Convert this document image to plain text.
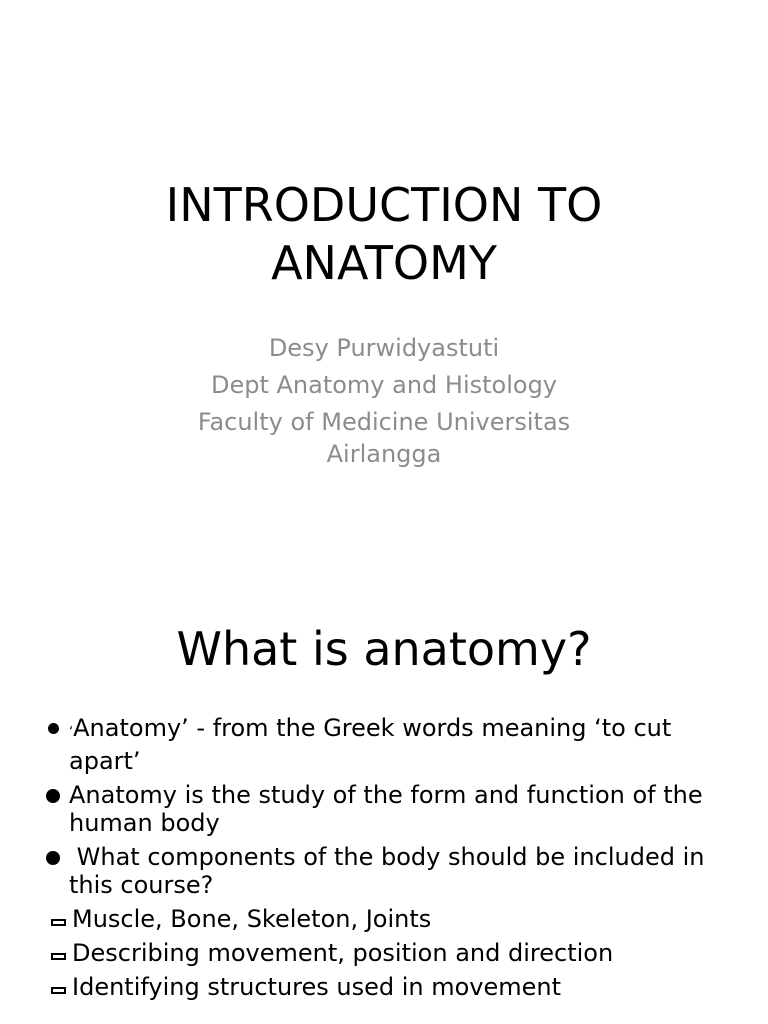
INTRODUCTION TO
ANATOMY
Desy Purwidyastuti
Dept Anatomy and Histology
Faculty of Medicine Universitas Airlangga
What is anatomy?
‘Anatomy’ - from the Greek words meaning ‘to cut apart’
Anatomy is the study of the form and function of the human body
What components of the body should be included in this course?
Muscle, Bone, Skeleton, Joints
Describing movement, position and direction
Identifying structures used in movement
